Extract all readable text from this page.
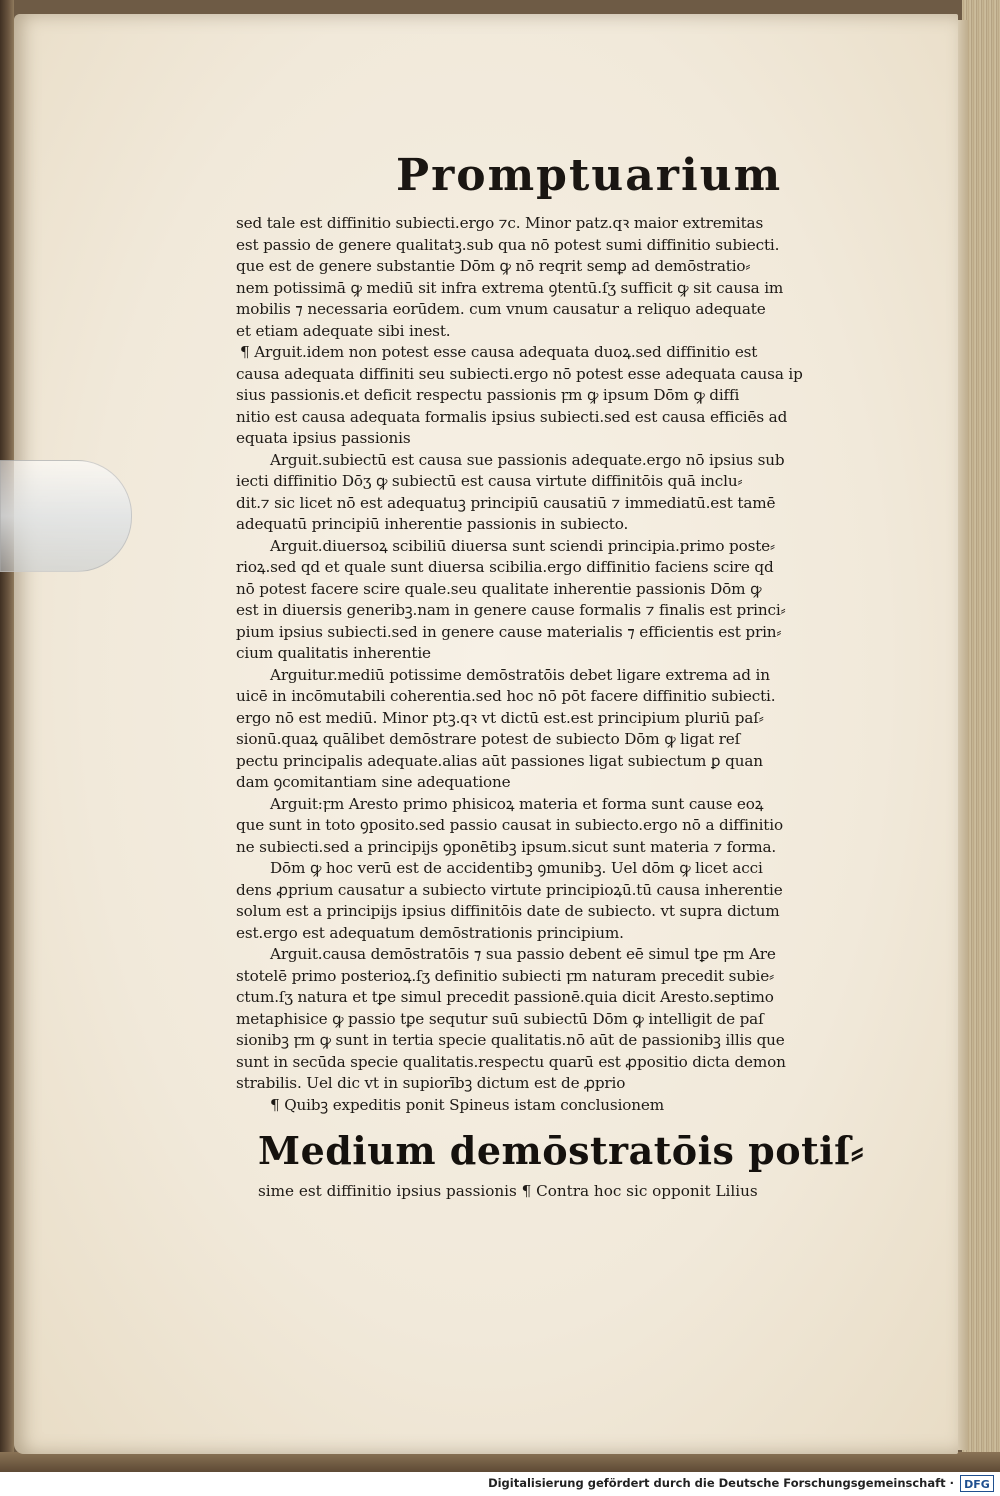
Promptuarium
sed tale est diffinitio subiecti.ergo ⁊c. Minor patz.qꝛ maior extremitas
est passio de genere qualitatꝫ.sub qua nō potest sumi diffinitio subiecti.
que est de genere substantie Dōm ꝙ nō reqrit semꝑ ad demōstratio⸗
nem potissimā ꝙ mediū sit infra extrema ꝯtentū.ſʒ sufficit ꝙ sit causa im
mobilis ⁊ necessaria eorūdem. cum vnum causatur a reliquo adequate
et etiam adequate sibi inest.
¶ Arguit.idem non potest esse causa adequata duoꝝ.sed diffinitio est
causa adequata diffiniti seu subiecti.ergo nō potest esse adequata causa ip
sius passionis.et deficit respectu passionis ꝼm ꝙ ipsum Dōm ꝙ diffi
nitio est causa adequata formalis ipsius subiecti.sed est causa efficiēs ad
equata ipsius passionis
Arguit.subiectū est causa sue passionis adequate.ergo nō ipsius sub
iecti diffinitio Dōʒ ꝙ subiectū est causa virtute diffinitōis quā inclu⸗
dit.⁊ sic licet nō est adequatuꝫ principiū causatiū ⁊ immediatū.est tamē
adequatū principiū inherentie passionis in subiecto.
Arguit.diuersoꝝ scibiliū diuersa sunt sciendi principia.primo poste⸗
rioꝝ.sed qd et quale sunt diuersa scibilia.ergo diffinitio faciens scire qd
nō potest facere scire quale.seu qualitate inherentie passionis Dōm ꝙ
est in diuersis generibꝫ.nam in genere cause formalis ⁊ finalis est princi⸗
pium ipsius subiecti.sed in genere cause materialis ⁊ efficientis est prin⸗
cium qualitatis inherentie
Arguitur.mediū potissime demōstratōis debet ligare extrema ad in
uicē in incōmutabili coherentia.sed hoc nō pōt facere diffinitio subiecti.
ergo nō est mediū. Minor ptꝫ.qꝛ vt dictū est.est principium pluriū paſ⸗
sionū.quaꝝ quālibet demōstrare potest de subiecto Dōm ꝙ ligat reſ
pectu principalis adequate.alias aūt passiones ligat subiectum ꝑ quan
dam ꝯcomitantiam sine adequatione
Arguit:ꝼm Aresto primo phisicoꝝ materia et forma sunt cause eoꝝ
que sunt in toto ꝯposito.sed passio causat in subiecto.ergo nō a diffinitio
ne subiecti.sed a principijs ꝯponētibꝫ ipsum.sicut sunt materia ⁊ forma.
Dōm ꝙ hoc verū est de accidentibꝫ ꝯmunibꝫ. Uel dōm ꝙ licet acci
dens ꝓprium causatur a subiecto virtute principioꝝū.tū causa inherentie
solum est a principijs ipsius diffinitōis date de subiecto. vt supra dictum
est.ergo est adequatum demōstrationis principium.
Arguit.causa demōstratōis ⁊ sua passio debent eē simul tꝑe ꝼm Are
stotelē primo posterioꝝ.ſʒ definitio subiecti ꝼm naturam precedit subie⸗
ctum.ſʒ natura et tꝑe simul precedit passionē.quia dicit Aresto.septimo
metaphisice ꝙ passio tꝑe sequtur suū subiectū Dōm ꝙ intelligit de paſ
sionibꝫ ꝼm ꝙ sunt in tertia specie qualitatis.nō aūt de passionibꝫ illis que
sunt in secūda specie qualitatis.respectu quarū est ꝓpositio dicta demon
strabilis. Uel dic vt in supiorībꝫ dictum est de ꝓprio
¶ Quibꝫ expeditis ponit Spineus istam conclusionem
Medium demōstratōis potiſ⸗
sime est diffinitio ipsius passionis ¶ Contra hoc sic opponit Lilius
Digitalisierung gefördert durch die Deutsche Forschungsgemeinschaft · DFG
